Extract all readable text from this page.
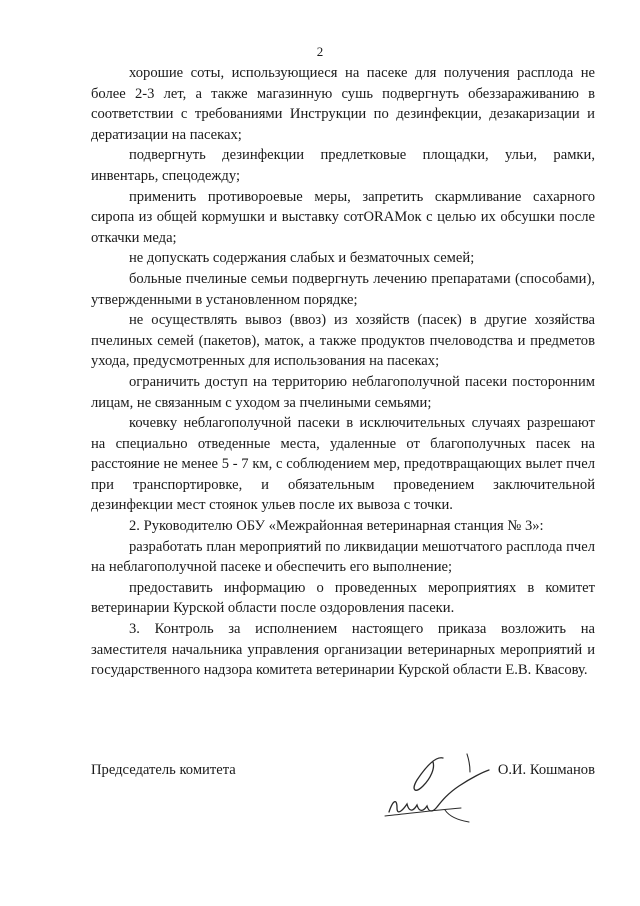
2

хорошие соты, использующиеся на пасеке для получения расплода не более 2-3 лет, а также магазинную сушь подвергнуть обеззараживанию в соответствии с требованиями Инструкции по дезинфекции, дезакаризации и дератизации на пасеках;

подвергнуть дезинфекции предлетковые площадки, ульи, рамки, инвентарь, спецодежду;

применить противороевые меры, запретить скармливание сахарного сиропа из общей кормушки и выставку сотORAMок с целью их обсушки после откачки меда;

не допускать содержания слабых и безматочных семей;

больные пчелиные семьи подвергнуть лечению препаратами (способами), утвержденными в установленном порядке;

не осуществлять вывоз (ввоз) из хозяйств (пасек) в другие хозяйства пчелиных семей (пакетов), маток, а также продуктов пчеловодства и предметов ухода, предусмотренных для использования на пасеках;

ограничить доступ на территорию неблагополучной пасеки посторонним лицам, не связанным с уходом за пчелиными семьями;

кочевку неблагополучной пасеки в исключительных случаях разрешают на специально отведенные места, удаленные от благополучных пасек на расстояние не менее 5 - 7 км, с соблюдением мер, предотвращающих вылет пчел при транспортировке, и обязательным проведением заключительной дезинфекции мест стоянок ульев после их вывоза с точки.

2. Руководителю ОБУ «Межрайонная ветеринарная станция № 3»:

разработать план мероприятий по ликвидации мешотчатого расплода пчел на неблагополучной пасеке и обеспечить его выполнение;

предоставить информацию о проведенных мероприятиях в комитет ветеринарии Курской области после оздоровления пасеки.

3. Контроль за исполнением настоящего приказа возложить на заместителя начальника управления организации ветеринарных мероприятий и государственного надзора комитета ветеринарии Курской области Е.В. Квасову.

Председатель комитета	О.И. Кошманов
